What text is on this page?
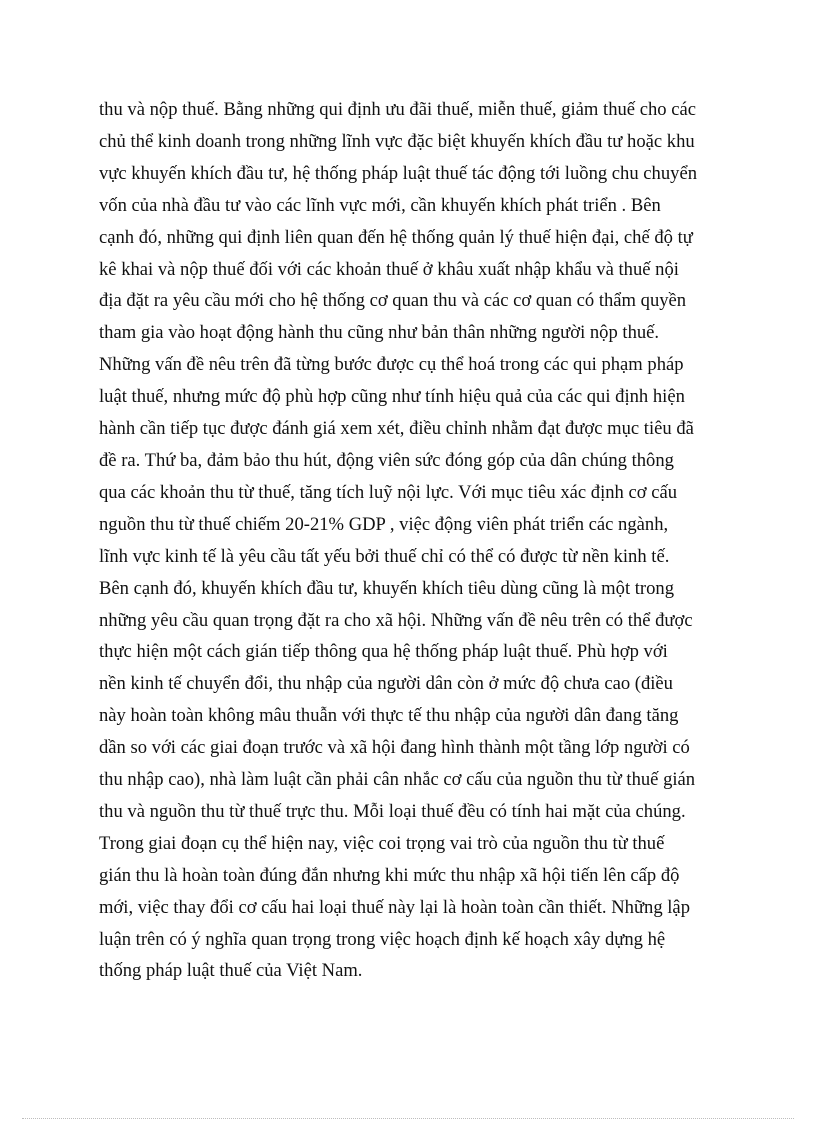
thu và nộp thuế. Bằng những qui định ưu đãi thuế, miễn thuế, giảm thuế cho các
chủ thể kinh doanh trong những lĩnh vực đặc biệt khuyến khích đầu tư hoặc khu
vực khuyến khích đầu tư, hệ thống pháp luật thuế tác động tới luồng chu chuyển
vốn của nhà đầu tư vào các lĩnh vực mới, cần khuyến khích phát triển . Bên
cạnh đó, những qui định liên quan đến hệ thống quản lý thuế hiện đại, chế độ tự
kê khai và nộp thuế đối với các khoản thuế ở khâu xuất nhập khẩu và thuế nội
địa đặt ra yêu cầu mới cho hệ thống cơ quan thu và các cơ quan có thẩm quyền
tham gia vào hoạt động hành thu cũng như bản thân những người nộp thuế.
Những vấn đề nêu trên đã từng bước được cụ thể hoá trong các qui phạm pháp
luật thuế, nhưng mức độ phù hợp cũng như tính hiệu quả của các qui định hiện
hành cần tiếp tục được đánh giá xem xét, điều chỉnh nhằm đạt được mục tiêu đã
đề ra. Thứ ba, đảm bảo thu hút, động viên sức đóng góp của dân chúng thông
qua các khoản thu từ thuế, tăng tích luỹ nội lực. Với mục tiêu xác định cơ cấu
nguồn thu từ thuế chiếm 20-21% GDP , việc động viên phát triển các ngành,
lĩnh vực kinh tế là yêu cầu tất yếu bởi thuế chỉ có thể có được từ nền kinh tế.
Bên cạnh đó, khuyến khích đầu tư, khuyến khích tiêu dùng cũng là một trong
những yêu cầu quan trọng đặt ra cho xã hội. Những vấn đề nêu trên có thể được
thực hiện một cách gián tiếp thông qua hệ thống pháp luật thuế. Phù hợp với
nền kinh tế chuyển đổi, thu nhập của người dân còn ở mức độ chưa cao (điều
này hoàn toàn không mâu thuẫn với thực tế thu nhập của người dân đang tăng
dần so với các giai đoạn trước và xã hội đang hình thành một tầng lớp người có
thu nhập cao), nhà làm luật cần phải cân nhắc cơ cấu của nguồn thu từ thuế gián
thu và nguồn thu từ thuế trực thu. Mỗi loại thuế đều có tính hai mặt của chúng.
Trong giai đoạn cụ thể hiện nay, việc coi trọng vai trò của nguồn thu từ thuế
gián thu là hoàn toàn đúng đắn nhưng khi mức thu nhập xã hội tiến lên cấp độ
mới, việc thay đổi cơ cấu hai loại thuế này lại là hoàn toàn cần thiết. Những lập
luận trên có ý nghĩa quan trọng trong việc hoạch định kế hoạch xây dựng hệ
thống pháp luật thuế của Việt Nam.
